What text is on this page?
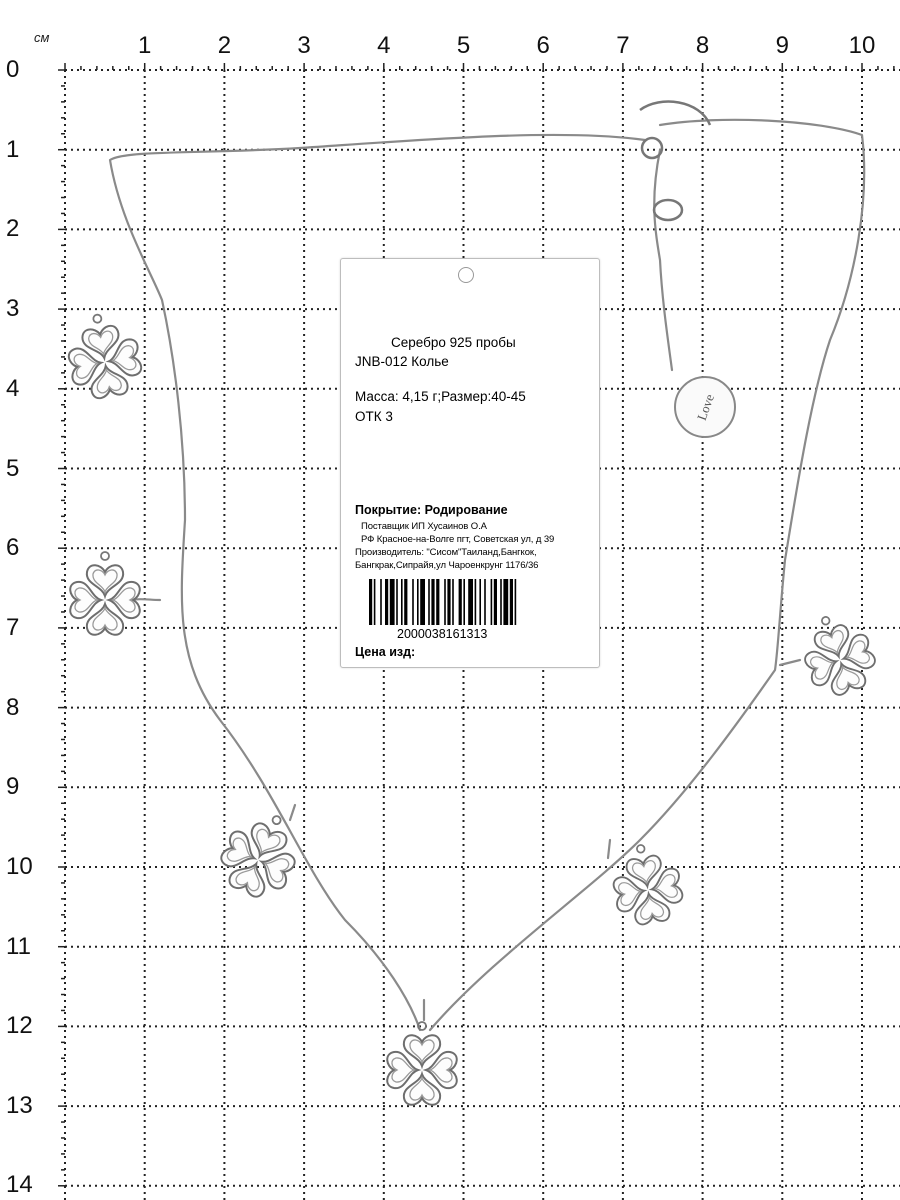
Love
см	1	2	3	4	5	6	7	8	9 10
0
1
2
3
4
5
6
7
8
9
10
11
12
13
14
Серебро 925 пробы
JNB-012 Колье
Масса: 4,15 г;Размер:40-45
ОТК 3
Покрытие: Родирование
Поставщик ИП Хусаинов О.А
РФ Красное-на-Волге пгт, Советская ул, д 39
Производитель: "Сисом"Таиланд,Бангкок,
Бангкрак,Сипрайя,ул Чароенкрунг 1176/36
2000038161313
Цена изд:
